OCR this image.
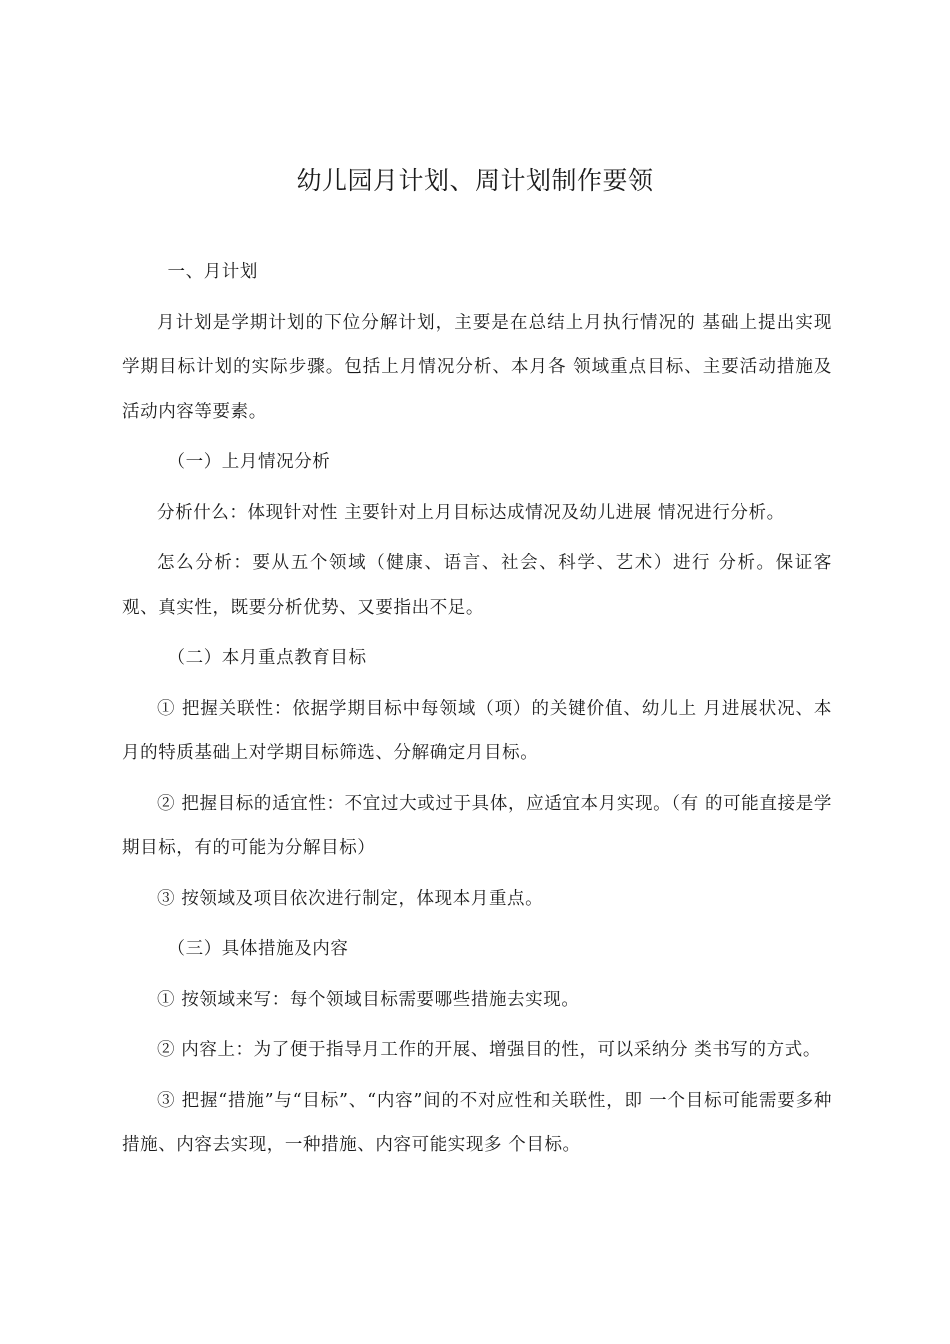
幼儿园月计划、周计划制作要领

一、月计划

月计划是学期计划的下位分解计划，主要是在总结上月执行情况的 基础上提出实现学期目标计划的实际步骤。包括上月情况分析、本月各 领域重点目标、主要活动措施及活动内容等要素。

（一）上月情况分析

分析什么：体现针对性 主要针对上月目标达成情况及幼儿进展 情况进行分析。

怎么分析：要从五个领域（健康、语言、社会、科学、艺术）进行 分析。保证客观、真实性，既要分析优势、又要指出不足。

（二）本月重点教育目标

① 把握关联性：依据学期目标中每领域（项）的关键价值、幼儿上 月进展状况、本月的特质基础上对学期目标筛选、分解确定月目标。

② 把握目标的适宜性：不宜过大或过于具体，应适宜本月实现。（有 的可能直接是学期目标，有的可能为分解目标）

③ 按领域及项目依次进行制定，体现本月重点。

（三）具体措施及内容

① 按领域来写：每个领域目标需要哪些措施去实现。

② 内容上：为了便于指导月工作的开展、增强目的性，可以采纳分 类书写的方式。

③ 把握“措施”与“目标”、“内容”间的不对应性和关联性，即 一个目标可能需要多种措施、内容去实现，一种措施、内容可能实现多 个目标。
